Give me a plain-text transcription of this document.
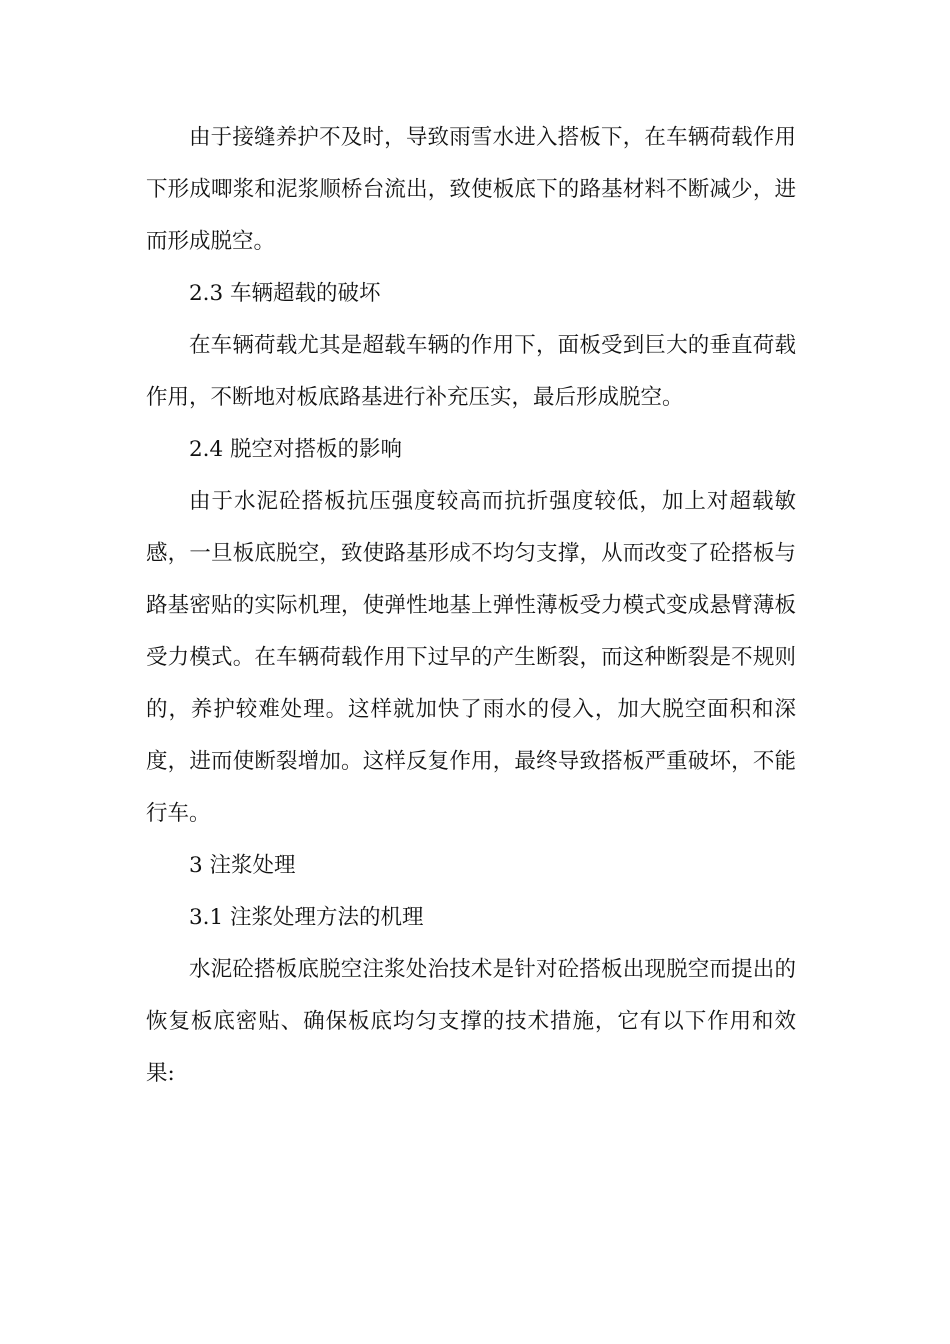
由于接缝养护不及时，导致雨雪水进入搭板下，在车辆荷载作用下形成唧浆和泥浆顺桥台流出，致使板底下的路基材料不断减少，进而形成脱空。

2.3 车辆超载的破坏

在车辆荷载尤其是超载车辆的作用下，面板受到巨大的垂直荷载作用，不断地对板底路基进行补充压实，最后形成脱空。

2.4 脱空对搭板的影响

由于水泥砼搭板抗压强度较高而抗折强度较低，加上对超载敏感，一旦板底脱空，致使路基形成不均匀支撑，从而改变了砼搭板与路基密贴的实际机理，使弹性地基上弹性薄板受力模式变成悬臂薄板受力模式。在车辆荷载作用下过早的产生断裂，而这种断裂是不规则的，养护较难处理。这样就加快了雨水的侵入，加大脱空面积和深度，进而使断裂增加。这样反复作用，最终导致搭板严重破坏，不能行车。

3 注浆处理

3.1 注浆处理方法的机理

水泥砼搭板底脱空注浆处治技术是针对砼搭板出现脱空而提出的恢复板底密贴、确保板底均匀支撑的技术措施，它有以下作用和效果:
